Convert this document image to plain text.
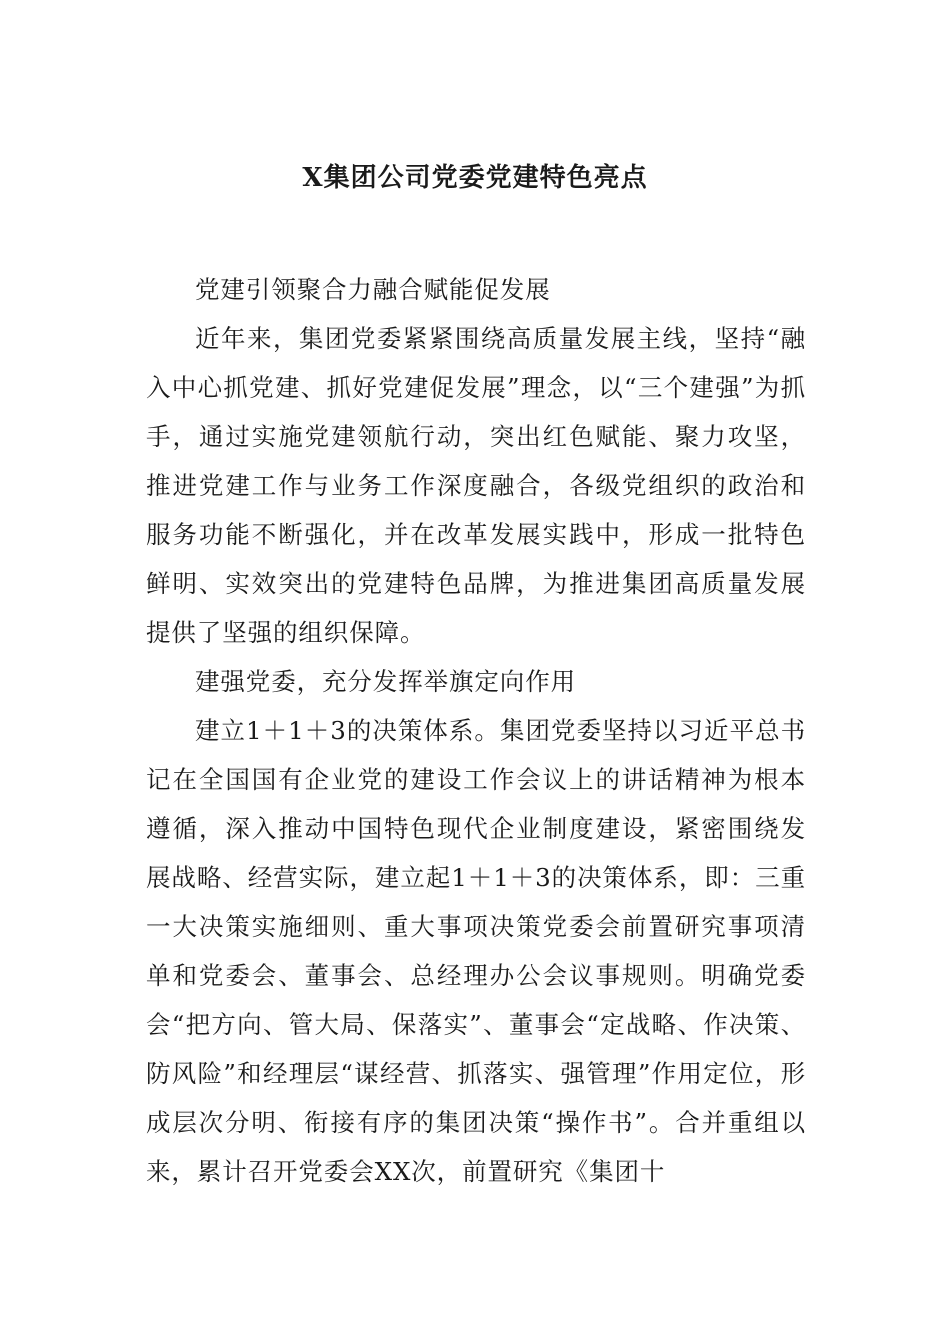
X集团公司党委党建特色亮点

党建引领聚合力融合赋能促发展

近年来，集团党委紧紧围绕高质量发展主线，坚持“融入中心抓党建、抓好党建促发展”理念，以“三个建强”为抓手，通过实施党建领航行动，突出红色赋能、聚力攻坚，推进党建工作与业务工作深度融合，各级党组织的政治和服务功能不断强化，并在改革发展实践中，形成一批特色鲜明、实效突出的党建特色品牌，为推进集团高质量发展提供了坚强的组织保障。

建强党委，充分发挥举旗定向作用

建立1＋1＋3的决策体系。集团党委坚持以习近平总书记在全国国有企业党的建设工作会议上的讲话精神为根本遵循，深入推动中国特色现代企业制度建设，紧密围绕发展战略、经营实际，建立起1＋1＋3的决策体系，即：三重一大决策实施细则、重大事项决策党委会前置研究事项清单和党委会、董事会、总经理办公会议事规则。明确党委会“把方向、管大局、保落实”、董事会“定战略、作决策、防风险”和经理层“谋经营、抓落实、强管理”作用定位，形成层次分明、衔接有序的集团决策“操作书”。合并重组以来，累计召开党委会XX次，前置研究《集团十
